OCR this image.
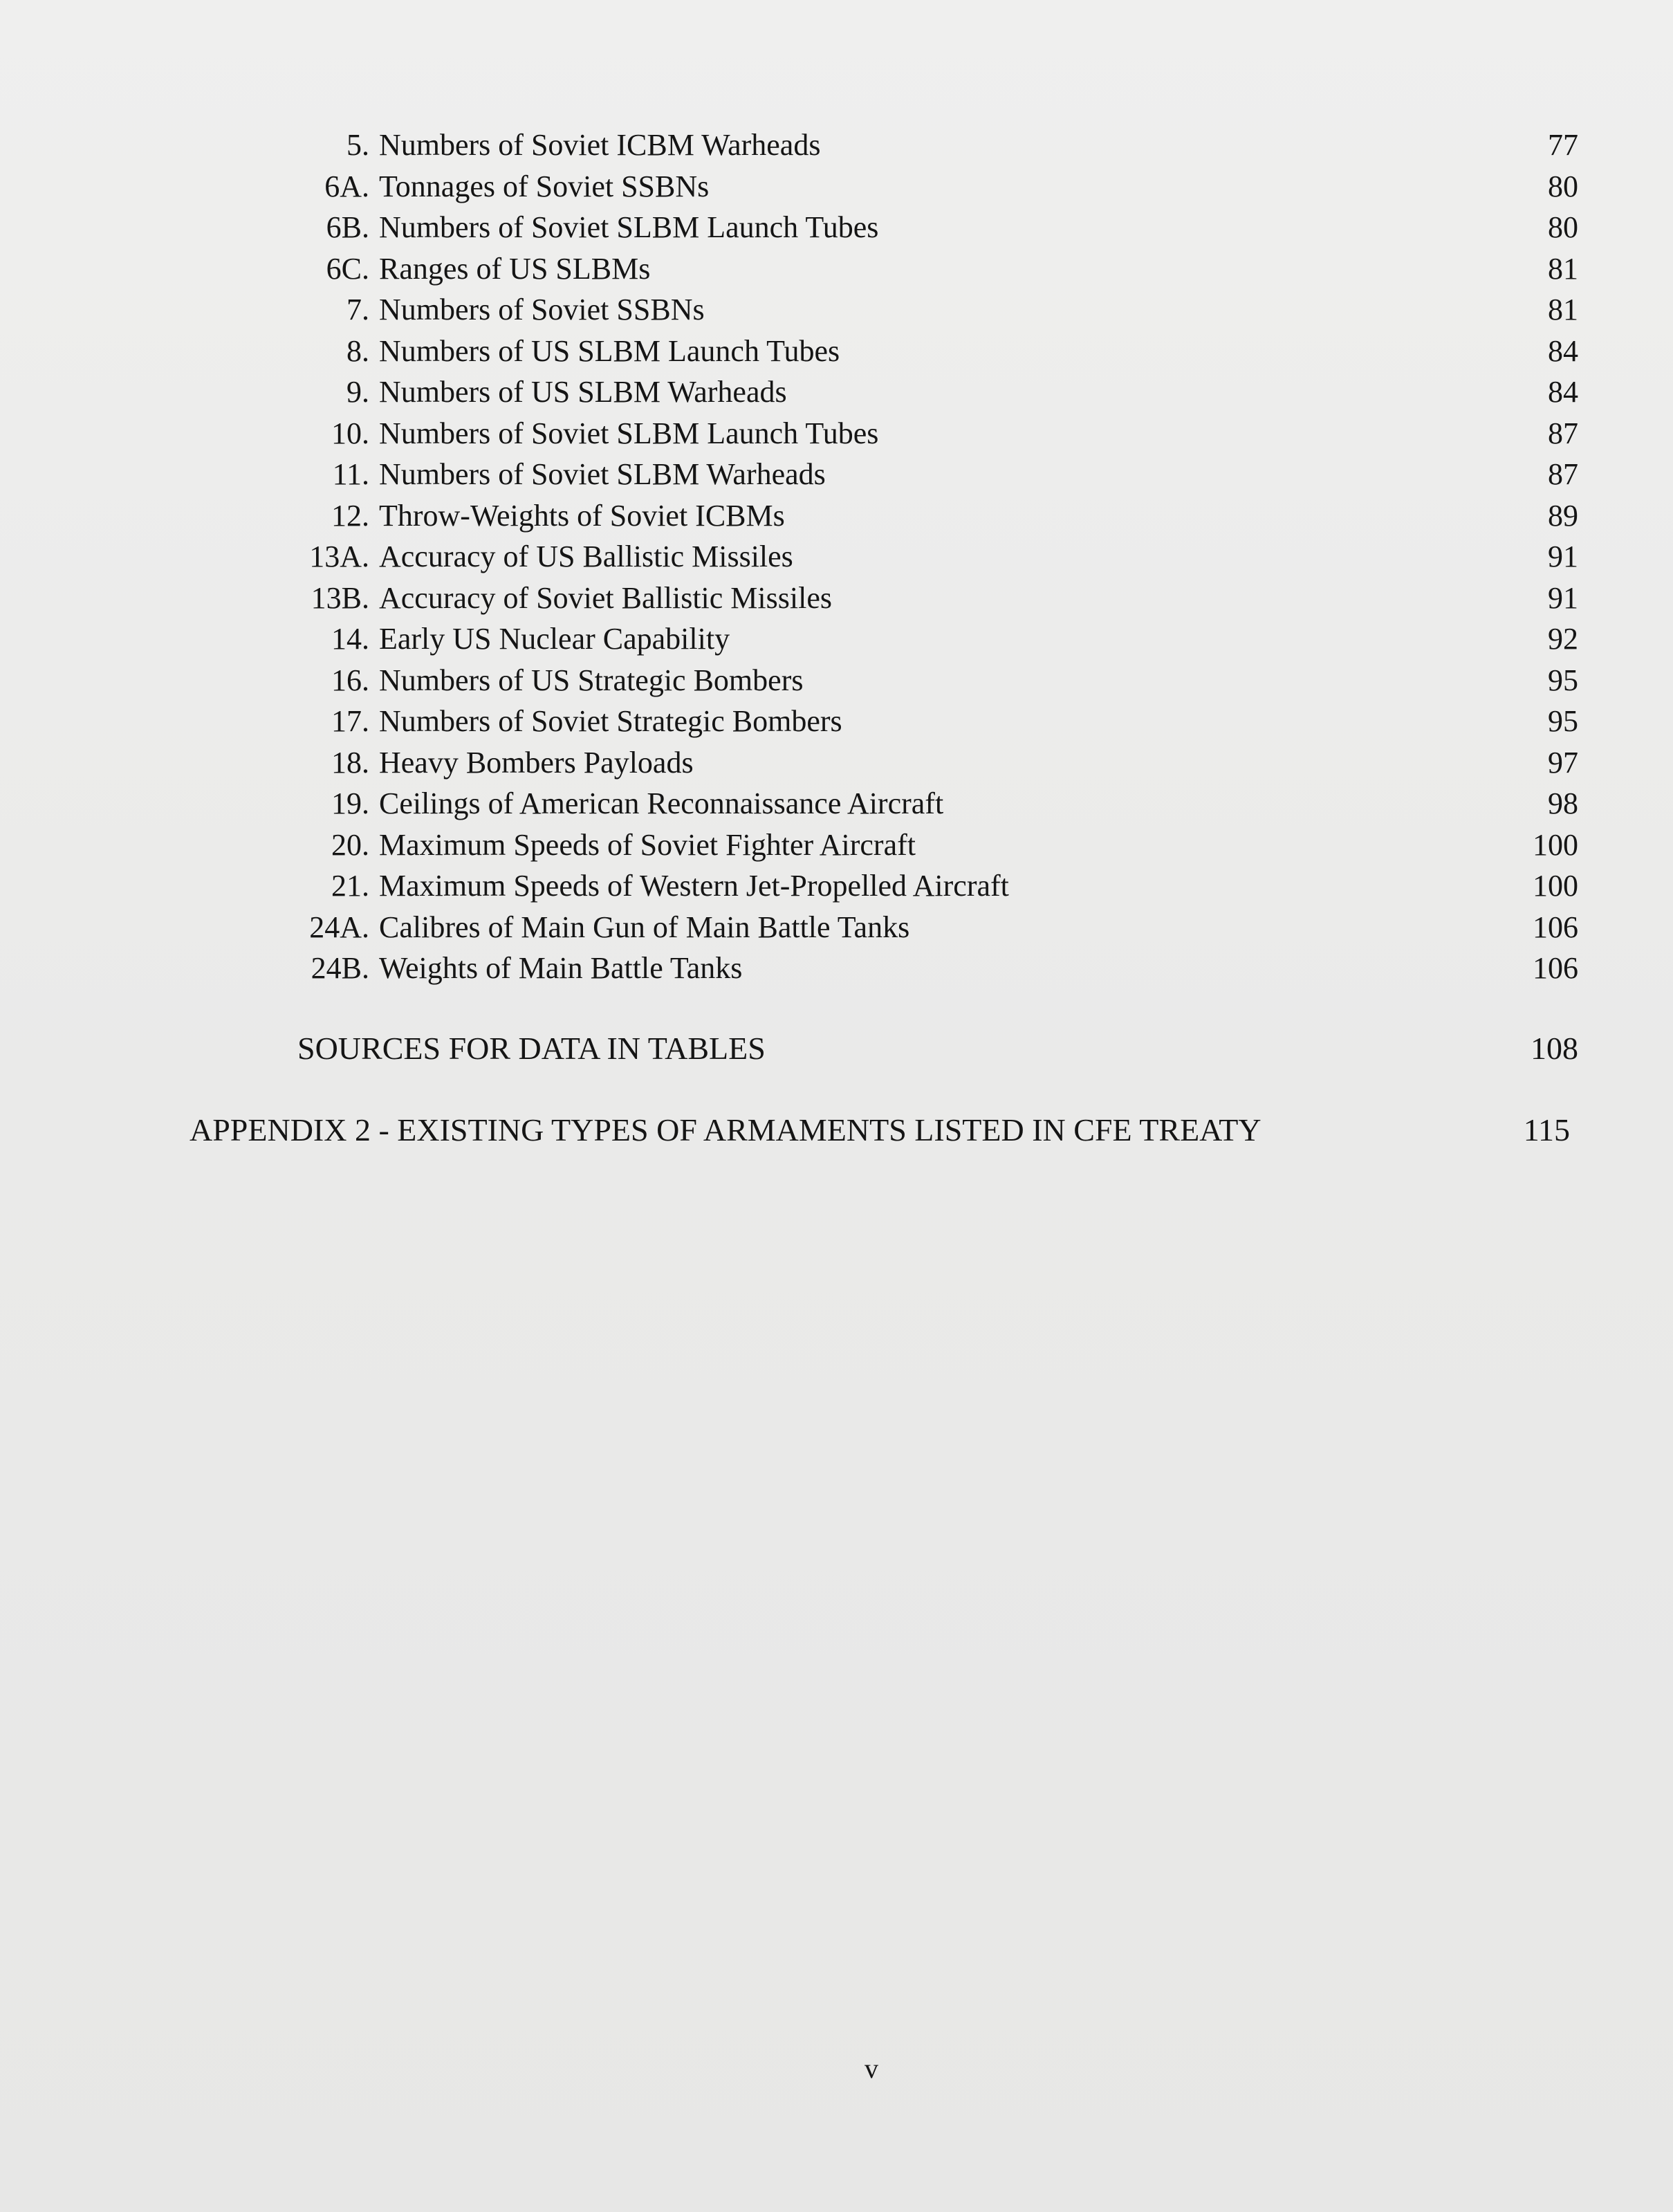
5. Numbers of Soviet ICBM Warheads	77
6A. Tonnages of Soviet SSBNs	80
6B. Numbers of Soviet SLBM Launch Tubes	80
6C. Ranges of US SLBMs	81
7. Numbers of Soviet SSBNs	81
8. Numbers of US SLBM Launch Tubes	84
9. Numbers of US SLBM Warheads	84
10. Numbers of Soviet SLBM Launch Tubes	87
11. Numbers of Soviet SLBM Warheads	87
12. Throw-Weights of Soviet ICBMs	89
13A. Accuracy of US Ballistic Missiles	91
13B. Accuracy of Soviet Ballistic Missiles	91
14. Early US Nuclear Capability	92
16. Numbers of US Strategic Bombers	95
17. Numbers of Soviet Strategic Bombers	95
18. Heavy Bombers Payloads	97
19. Ceilings of American Reconnaissance Aircraft	98
20. Maximum Speeds of Soviet Fighter Aircraft	100
21. Maximum Speeds of Western Jet-Propelled Aircraft	100
24A. Calibres of Main Gun of Main Battle Tanks	106
24B. Weights of Main Battle Tanks	106
SOURCES FOR DATA IN TABLES	108
APPENDIX 2 - EXISTING TYPES OF ARMAMENTS LISTED IN CFE TREATY	115
v
